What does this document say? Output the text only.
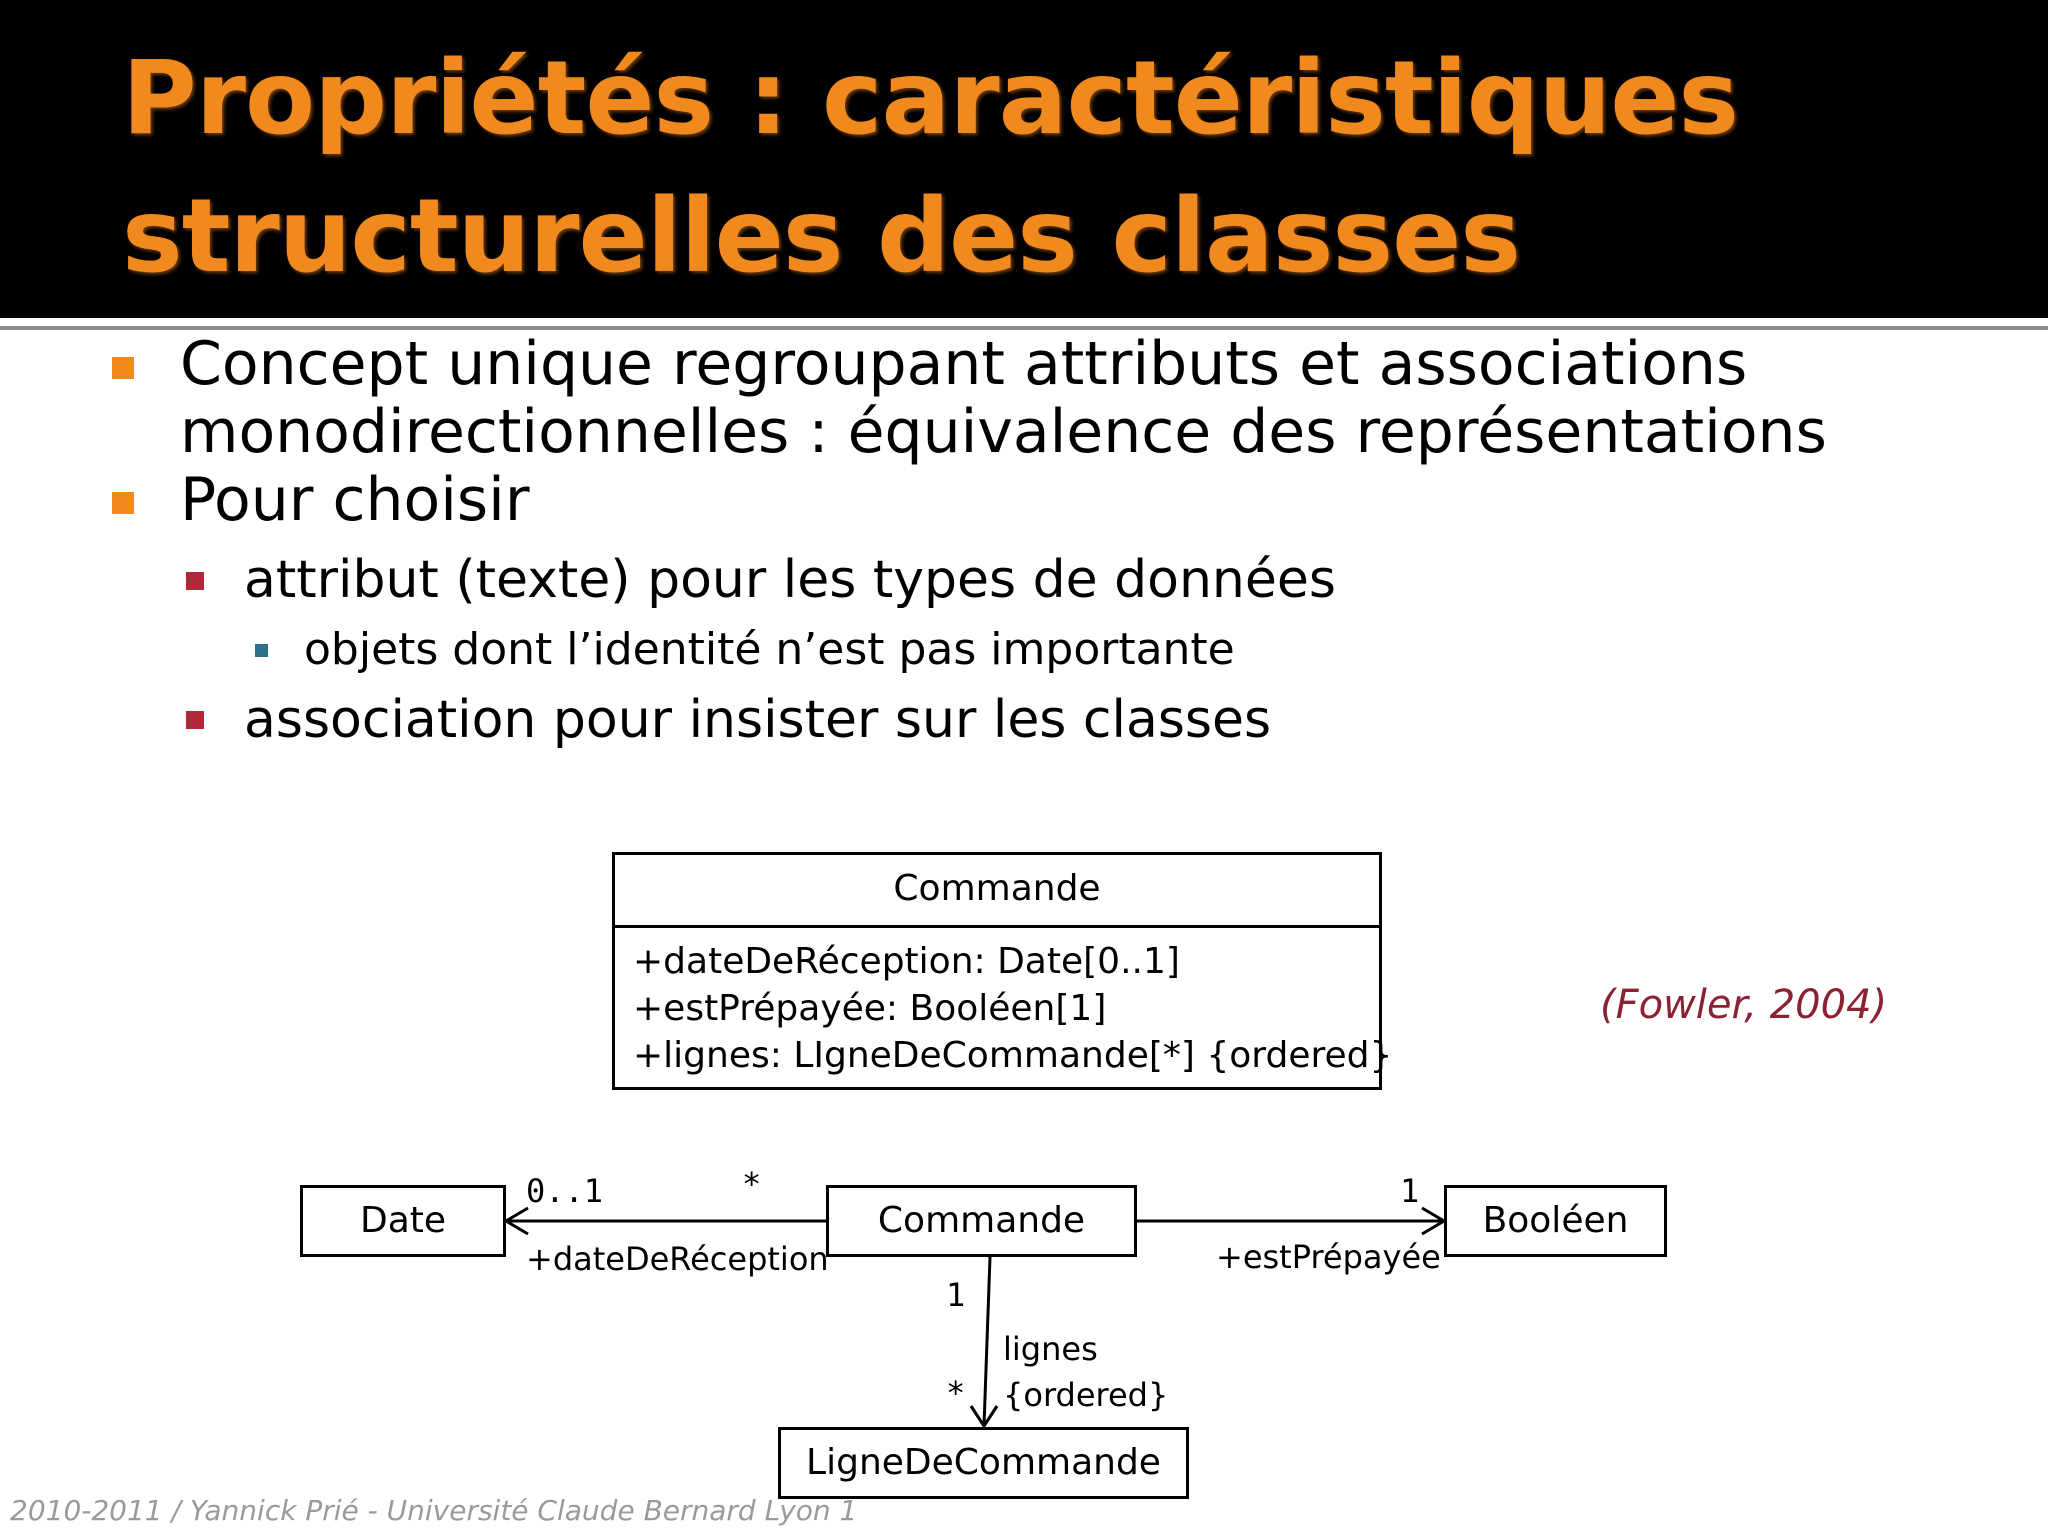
Propriétés : caractéristiques
structurelles des classes
Concept unique regroupant attributs et associations
monodirectionnelles : équivalence des représentations
Pour choisir
attribut (texte) pour les types de données
objets dont l’identité n’est pas importante
association pour insister sur les classes
Commande
+dateDeRéception: Date[0..1]
+estPrépayée: Booléen[1]
+lignes: LIgneDeCommande[*] {ordered}
(Fowler, 2004)
Date	Commande	Booléen
LigneDeCommande
0..1	*
+dateDeRéception
1
+estPrépayée
1
*
lignes
{ordered}
2010-2011 / Yannick Prié - Université Claude Bernard Lyon 1
